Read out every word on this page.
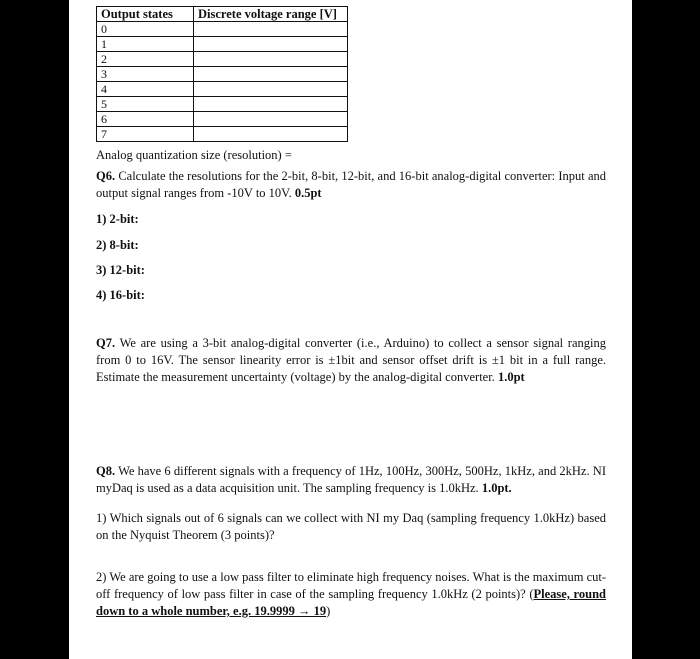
Output states	Discrete voltage range [V]
0	
1	
2	
3	
4	
5	
6	
7	
Analog quantization size (resolution) =
Q6. Calculate the resolutions for the 2-bit, 8-bit, 12-bit, and 16-bit analog-digital converter: Input and output signal ranges from -10V to 10V. 0.5pt
1) 2-bit:
2) 8-bit:
3) 12-bit:
4) 16-bit:
Q7. We are using a 3-bit analog-digital converter (i.e., Arduino) to collect a sensor signal ranging from 0 to 16V. The sensor linearity error is ±1bit and sensor offset drift is ±1 bit in a full range. Estimate the measurement uncertainty (voltage) by the analog-digital converter. 1.0pt
Q8. We have 6 different signals with a frequency of 1Hz, 100Hz, 300Hz, 500Hz, 1kHz, and 2kHz. NI myDaq is used as a data acquisition unit. The sampling frequency is 1.0kHz. 1.0pt.
1) Which signals out of 6 signals can we collect with NI my Daq (sampling frequency 1.0kHz) based on the Nyquist Theorem (3 points)?
2) We are going to use a low pass filter to eliminate high frequency noises. What is the maximum cut-off frequency of low pass filter in case of the sampling frequency 1.0kHz (2 points)? (Please, round down to a whole number, e.g. 19.9999 → 19)
